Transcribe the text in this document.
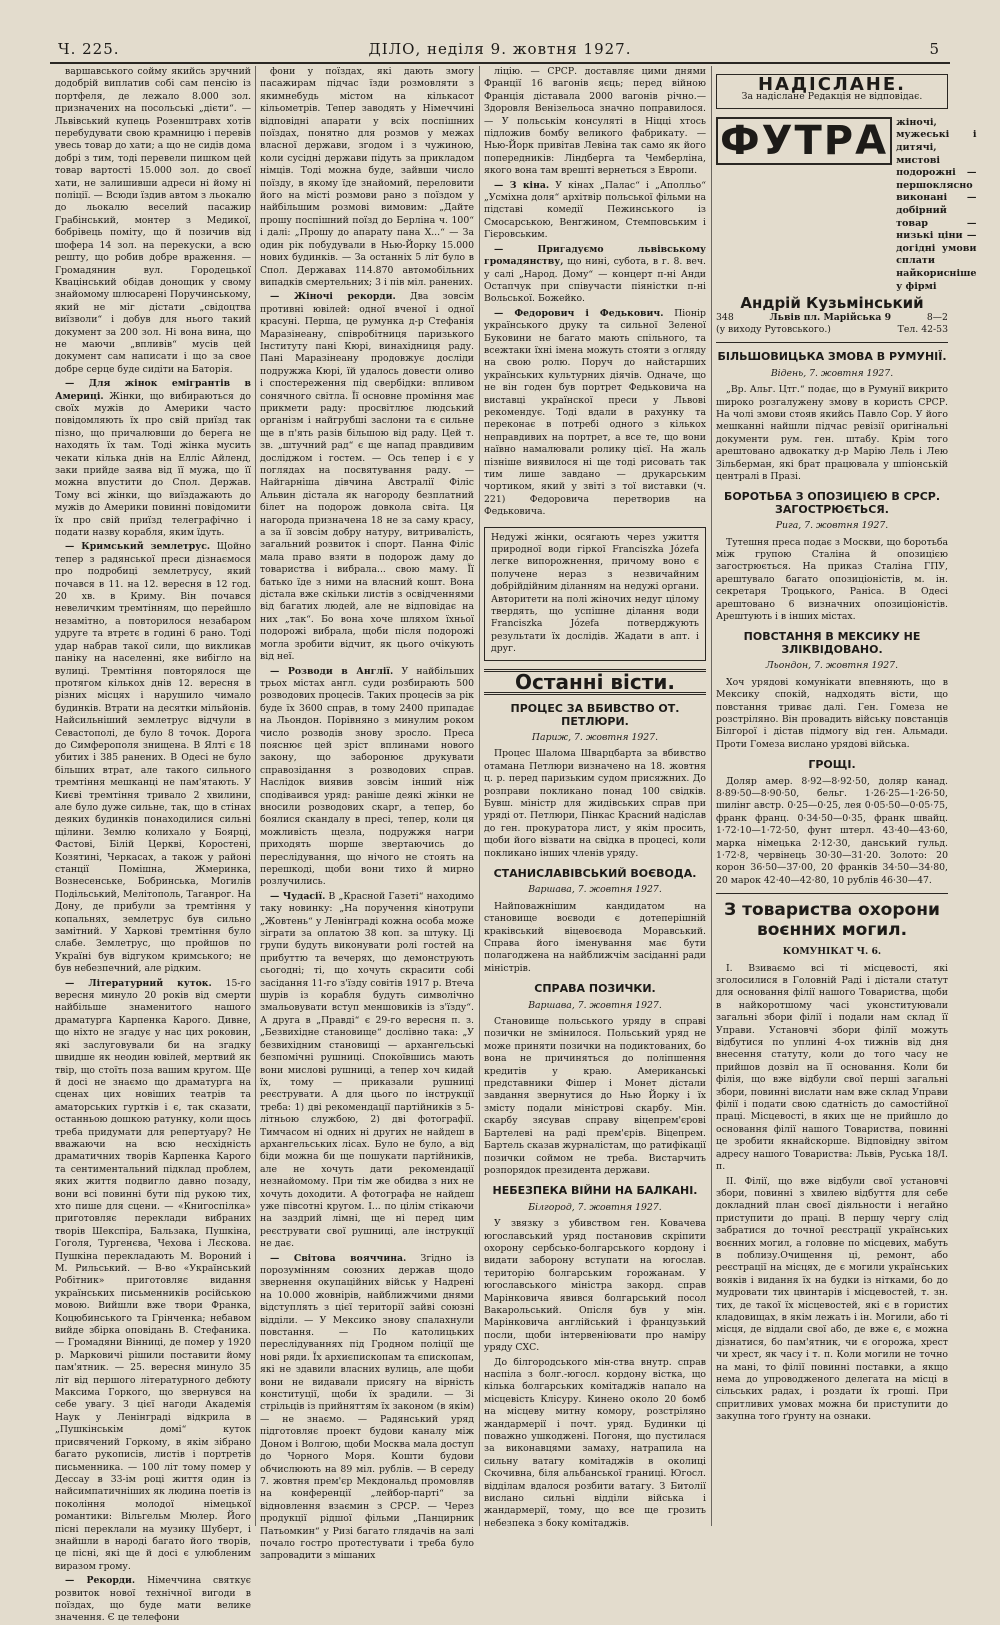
Ч. 225.	ДІЛО, неділя 9. жовтня 1927.	5

варшавського сойму якийсь зручний додобрій виплатив собі сам пенсію із портфеля, де лежало 8.000 зол. призначених на посольські „дієти“. — Львівський купець Розенштравх хотів перебудувати свою крамницю і перевів увесь товар до хати; а що не сидів дома добрі з тим, тоді перевели пишком цей товар вартості 15.000 зол. до своєї хати, не залишивши адреси ні йому ні поліції. — Всюди їздив автом з льокалю до льокалю веселий пасажир Грабінський, монтер з Медикої, бобрівець поміту, що й позичив від шофера 14 зол. на перекуски, а всю решту, що робив добре враження. — Громадянин вул. Городецької Квацінський обідав донощик у свому знайомому шлюсарені Поручинському, який не міг дістати „свідоцтва виїзволи“ і добув для нього такий документ за 200 зол. Ні вона вина, що не маючи „впливів“ мусів цей документ сам написати і що за свое добре серце буде сидіти на Баторія.

— Для жінок емігрантів в Америці. Жінки, що вибираються до своїх мужів до Америки часто повідомляють їх про свій приїзд так пізно, що причалювши до берега не находять їх там. Тоді жінка мусить чекати кілька днів на Елліс Айленд, заки прийде заява від її мужа, що її можна впустити до Спол. Держав. Тому всі жінки, що виїздажають до мужів до Америки повинні повідомити їх про свій приїзд телеграфічно і подати назву корабля, яким їдуть.

— Кримський землетрус. Щойно тепер з радянської преси дізнаємося про подробиці землетрусу, який почався в 11. на 12. вересня в 12 год. 20 хв. в Криму. Він почався невеличким тремтінням, що перейшло незамітно, а повторилося незабаром удруге та втретє в годині 6 рано. Тоді удар набрав такої сили, що викликав паніку на населенні, яке вибігло на вулиці. Тремтіння повторялося ще протягом кількох днів 12. вересня в різних місцях і нарушило чимало будинків. Втрати на десятки мільйонів. Найсильніший землетрус відчули в Севастополі, де було 8 точок. Дорога до Симферополя знищена. В Ялті є 18 убитих і 385 ранених. В Одесі не було більших втрат, але такого сильного тремтіння мешканці не пам'ятають. У Києві тремтіння тривало 2 хвилини, але було дуже сильне, так, що в стінах деяких будинків понаходилися сильні щілини. Землю колихало у Боярці, Фастові, Білій Церкві, Коростені, Козятині, Черкасах, а також у районі станції Помішна, Жмеринка, Вознесенське, Бобринська, Могилів Подільський, Мелітополь, Таганрог. На Дону, де прибули за тремтіння у копальнях, землетрус був сильно замітний. У Харкові тремтіння було слабе. Землетрус, що пройшов по Україні був відгуком кримського; не був небезпечний, але рідким.

— Літературний куток. 15-го вересня минуло 20 років від смерти найбільше знаменитого нашого драматурга Карпенка Карого. Дивне, що ніхто не згадує у нас цих роковин, які заслуговували би на згадку швидше як неодин ювілей, мертвий як твір, що стоїть поза вашим кругом. Ще й досі не знаємо що драматурга на сценах цих новіших театрів та аматорських гуртків і є, так сказати, останньою дошкою ратунку, коли щось треба придумати для репертуару? Не вважаючи на всю несхідність драматичних творів Карпенка Карого та сентиментальний підклад проблем, яких життя подвигло давно позаду, вони всі повинні бути під рукою тих, хто пише для сцени. — «Книгоспілка» приготовляє переклади вибраних творів Шекспіра, Бальзака, Пушкіна, Гоголя, Тургенєва, Чехова і Лєскова. Пушкіна перекладають М. Вороний і М. Рильський. — В-во «Український Робітник» приготовляє видання українських письменників російською мовою. Вийшли вже твори Франка, Коцюбинського та Грінченка; небавом вийде збірка оповідань В. Стефаника. — Громадяни Вінниці, де помер у 1920 р. Марковичі рішили поставити йому пам'ятник. — 25. вересня минуло 35 літ від першого літературного дебюту Максима Горкого, що звернувся на себе увагу. З цієї нагоди Академія Наук у Ленінграді відкрила в „Пушкінськім домі“ куток присвячений Горкому, в якім зібрано багато рукописів, листів і портретів письменника. — 100 літ тому помер у Дессау в 33-ім році життя один із найсимпатичніших як людина поетів із покоління молодої німецької романтики: Вільгельм Мюлер. Його пісні переклали на музику Шуберт, і знайшли в народі багато його творів, це пісні, які ще й досі є улюбленим виразом грому.

— Рекорди. Німеччина святкує розвиток нової технічної вигоди в поїздах, що буде мати велике значення. Є це телефони

фони у поїздах, які дають змогу пасажирам підчас їзди розмовляти з якимнебудь містом на кількасот кільометрів. Тепер заводять у Німеччині відповідні апарати у всіх поспішних поїздах, понятно для розмов у межах власної держави, згодом і з чужиною, коли сусідні держави підуть за прикладом німців. Тоді можна буде, зайвши число поїзду, в якому їде знайомий, переловити його на місті розмови рано з поїздом у найбільшим розмові вимовим: „Дайте прошу поспішний поїзд до Берліна ч. 100“ і далі: „Прошу до апарату пана Х...“ — За один рік побудували в Нью-Йорку 15.000 нових будинків. — За останніх 5 літ було в Спол. Державах 114.870 автомобільних випадків смертельних; 3 і пів міл. ранених.

— Жіночі рекорди. Два зовсім противні ювілей: одної вченої і одної красуні. Перша, це румунка д-р Стефанія Маразінеану, співробітниця паризького Інституту пані Кюрі, винахідниця раду. Пані Маразінеану продовжує досліди подружжа Кюрі, їй удалось довести оливо і спостереження під свербідки: впливом сонячного світла. Її основне проміння має прикмети раду: просвітлює людський організм і найгрубші заслони та є сильне ще в п'ять разів більшою від раду. Цей т. зв. „штучний рад“ є ще напад правдивим досліджом і гостем. — Ось тепер і є у поглядах на посвятування раду. — Найгарніша дівчина Австралії Філіс Альвин дістала як нагороду безплатний білет на подорож довкола світа. Ця нагорода призначена 18 не за саму красу, а за її зовсім добру натуру, витривалість, загальний розвиток і спорт. Панна Філіс мала право взяти в подорож даму до товариства і вибрала... свою маму. Її батько їде з ними на власний кошт. Вона дістала вже скільки листів з освідченнями від багатих людей, але не відповідає на них „так“. Бо вона хоче шляхом їхньої подорожі вибрала, щоби після подорожі могла зробити відчит, як цього очікують від неї.

— Розводи в Англії. У найбільших трьох містах англ. суди розбирають 500 розводових процесів. Таких процесів за рік буде їх 3600 справ, в тому 2400 припадає на Льондон. Порівняно з минулим роком число розводів знову зросло. Преса пояснює цей зріст вплинами нового закону, що заборонює друкувати справозідання з розводових справ. Наслідок виявив зовсім інший ніж сподіваився уряд: раніше деякі жінки не вносили розводових скарг, а тепер, бо боялися скандалу в пресі, тепер, коли ця можливість щезла, подружжя нагри приходять шорше звертаючись до переслідування, що нічого не стоять на перешкоді, щоби вони тихо й мирно розлучились.

— Чудасії. В „Красной Газеті“ находимо таку новинку: „На поручення кінотрупи „Жовтень“ у Ленінграді кожна особа може зіграти за оплатою 38 коп. за штуку. Ці групи будуть виконувати ролі гостей на прибуттю та вечерях, що демонструють сьогодні; ті, що хочуть скрасити собі засідання 11-го з'їзду совітів 1917 р. Втеча шурів із корабля будуть символічно змальовувати вступ меншовиків із з'їзду“. А друга в „Правді“ є 29-го вересня п. з. „Безвихідне становище“ дослівно така: „У безвихідним становищі — архангельські безпомічні рушниці. Спокоївшись мають вони мислові рушниці, а тепер хоч кидай їх, тому — приказали рушниці реєструвати. А для цього по інструкції треба: 1) дві рекомендації партійників з 5-літньою службою, 2) дві фотографії. Тимчасом ні одних ні других не найдеш в архангельських лісах. Було не було, а від біди можна би ще пошукати партійників, але не хочуть дати рекомендації незнайомому. При тім же обидва з них не хочуть доходити. А фотографа не найдеш уже півсотні кругом. І... по цілім стікаючи на заздрий лімні, ще ні перед цим реєструвати свої рушниці, але інструкції не дає.

— Світова вояччина. Згідно із порозумінням союзних держав щодо звернення окупаційних військ у Надрені на 10.000 жовнірів, найближчими днями відступлять з цієї території зайві союзні відділи. — У Мексико знову спалахнули повстання. — По католицьких переслідуваннях під Гродном поліції ще нові ряди. Їх архиєпископам та єпископам, які не здавили власних вулиць, але щоби вони не видавали присягу на вірність конституції, щоби їх зрадили. — Зі стрільців із прийняттям їх законом (в якім) — не знаємо. — Радянський уряд підготовляє проект будови каналу між Доном і Волгою, щоби Москва мала доступ до Чорного Моря. Кошти будови обчислюють на 89 міл. рублів. — В середу 7. жовтня прем'єр Мекдональд промовляв на конференції „лейбор-парті“ за відновлення взаємин з СРСР. — Через продукції рідшої фільми „Панцирник Патьомкин“ у Ризі багато глядачів на залі почало гостро протестувати і треба було запровадити з мішаних

ліцію. — СРСР. доставляє цими днями Франції 16 вагонів яєць; перед війною Франція діставала 2000 вагонів річно.— Здоровля Венізельоса значно поправилося. — У польськім консуляті в Ніцці хтось підложив бомбу великого фабрикату. — Нью-Йорк привітав Левіна так само як його попередників: Ліндберга та Чемберліна, якого вона там врешті вернеться з Европи.

— З кіна. У кінах „Палас“ і „Аполльо“ „Усміхна доля“ архітвір польської фільми на підставі комедії Пежинського із Смосарською, Венгжином, Стемповським і Гієровським.

— Пригадуємо львівському громадянству, що нині, субота, в г. 8. веч. у салі „Народ. Дому“ — концерт п-ні Анди Остапчук при співучасти піяністки п-ні Вольської. Божейко.

— Федорович і Федькович. Піонір українського друку та сильної Зеленої Буковини не багато мають спільного, та всежтаки їхні імена можуть стояти з огляду на свою ролю. Поруч до найстарших українських культурних діячів. Одначе, що не він годен був портрет Федьковича на виставці українскої преси у Львові рекомендує. Тоді вдали в рахунку та переконає в потребі одного з кількох неправдивих на портрет, а все те, що вони наївно намалювали ролику цієї. На жаль пізніше виявилося ні ще тоді рисовать так тим лише завдано — друкарським чортиком, який у звіті з тої виставки (ч. 221) Федоровича перетворив на Федьковича.

Недужі жінки, осягають через ужиття природної води гіркої Franciszka Józefa легке випорожнення, причому воно є получене нераз з незвичайним добрійдійним діланням на недужі органи. Авторитети на полі жіночих недуг цілому твердять, що успішне ділання води Franciszka Józefa потверджують результати їх дослідів. Жадати в апт. і друг.
Останні вісти.
ПРОЦЕС ЗА ВБИВСТВО ОТ. ПЕТЛЮРИ.
Париж, 7. жовтня 1927.

Процес Шалома Шварцбарта за вбивство отамана Петлюри визначено на 18. жовтня ц. р. перед паризьким судом присяжних. До розправи покликано понад 100 свідків. Бувш. міністр для жидівських справ при уряді от. Петлюри, Пінкас Красний надіслав до ген. прокуратора лист, у якім просить, щоби його візвати на свідка в процесі, коли покликано інших членів уряду.

СТАНИСЛАВІВСЬКИЙ ВОЄВОДА.
Варшава, 7. жовтня 1927.

Найповажнішим кандидатом на становище воєводи є дотеперішній краківський віцевоєвода Моравський. Справа його іменування має бути полагоджена на найближчім засіданні ради міністрів.

СПРАВА ПОЗИЧКИ.
Варшава, 7. жовтня 1927.

Становище польського уряду в справі позички не змінилося. Польський уряд не може приняти позички на подиктованих, бо вона не причиняться до поліпшення кредитів у краю. Американські представники Фішер і Монет дістали завдання звернутися до Нью Йорку і їх змісту подали міністрові скарбу. Мін. скарбу зясував справу віцепрем'єрові Бартелеві на раді прем'єрів. Віцепрем. Бартель сказав журналістам, що ратифікації позички соймом не треба. Вистарчить розпорядок президента держави.

НЕБЕЗПЕКА ВІЙНИ НА БАЛКАНІ.
Білгород, 7. жовтня 1927.

У звязку з убивством ген. Ковачева югославський уряд постановив скріпити охорону сербсько-болгарського кордону і видати заборону вступати на югослав. територію болгарським горожанам. У югославського міністра закорд. справ Марінковича явився болгарський посол Вакарольський. Опісля був у мін. Марінковича англійський і французький посли, щоби інтервеніювати про наміру уряду СХС.

До білгородського мін-ства внутр. справ наспіла з болг.-югосл. кордону вістка, що кілька болгарських комітаджів напало на місцевість Клісуру. Кинено около 20 бомб на місцеву митну комору, розстріляно жандармерії і почт. уряд. Будинки ці поважно ушкоджені. Погоня, що пустилася за виконавцями замаху, натрапила на сильну ватагу комітаджів в околиці Скочивна, біля альбанської границі. Югосл. відділам вдалося розбити ватагу. З Битолії вислано сильні відділи війська і жандармерії, тому, що все ще грозить небезпека з боку комітаджів.

НАДІСЛАНЕ.
За надіслане Редакція не відповідає.
ФУТРА жіночі, мужеські і дитячі, мистові подорожні — першоклясно виконані — добірний товар — низькі ціни — догідні умови сплати найкорисніше у фірмі
Андрій Кузьмінський
348	Львів пл. Марійська 9	8—2
(у виходу Рутовського.)	Тел. 42-53
БІЛЬШОВИЦЬКА ЗМОВА В РУМУНІЇ.
Відень, 7. жовтня 1927.

„Вр. Альг. Цтг.“ подає, що в Румунії викрито широко розгалужену змову в користь СРСР. На чолі змови стояв якийсь Павло Сор. У його мешканні найшли підчас ревізії оригінальні документи рум. ген. штабу. Крім того арештовано адвокатку д-р Марію Лель і Лею Зільберман, які брат працювала у шпіонській централі в Празі.

БОРОТЬБА З ОПОЗИЦІЄЮ В СРСР. ЗАГОСТРЮЄТЬСЯ.
Рига, 7. жовтня 1927.

Тутешня преса подає з Москви, що боротьба між групою Сталіна й опозицією загострюється. На приказ Сталіна ГПУ, арештувало багато опозиціоністів, м. ін. секретаря Троцького, Раніса. В Одесі арештовано 6 визначних опозиціоністів. Арештують і в інших містах.

ПОВСТАННЯ В МЕКСИКУ НЕ ЗЛІКВІДОВАНО.
Льондон, 7. жовтня 1927.

Хоч урядові комунікати впевняють, що в Мексику спокій, надходять вісти, що повстання триває далі. Ген. Гомеза не розстріляно. Він провадить війську повстанців Білгорої і дістав підмогу від ген. Альмади. Проти Гомеза вислано урядові війська.

ГРОЩІ.

Доляр амер. 8·92—8·92·50, доляр канад. 8·89·50—8·90·50, бельг. 1·26·25—1·26·50, шилінг австр. 0·25—0·25, лея 0·05·50—0·05·75, франк франц. 0·34·50—0·35, франк швайц. 1·72·10—1·72·50, фунт штерл. 43·40—43·60, марка німецька 2·12·30, данський гульд. 1·72·8, червінець 30·30—31·20. Золото: 20 корон 36·50—37·00, 20 франків 34·50—34·80, 20 марок 42·40—42·80, 10 рублів 46·30—47.

З товариства охорони воєнних могил.
КОМУНІКАТ Ч. 6.

І. Взиваємо всі ті місцевості, які зголосилися в Головній Раді і дістали статут для основання філії нашого Товариства, щоби в найкоротшому часі уконституювали загальні збори філії і подали нам склад її Управи. Установчі збори філії можуть відбутися по уплині 4-ох тижнів від дня внесення статуту, коли до того часу не прийшов дозвіл на її основання. Коли би філія, що вже відбули свої перші загальні збори, повинні вислати нам вже склад Управи філії і подати свою сдатність до самостійної праці. Місцевості, в яких ще не прийшло до основання філії нашого Товариства, повинні це зробити якнайскорше. Відповідну звітом адресу нашого Товариства: Львів, Руська 18/І. п.

ІІ. Філії, що вже відбули свої установчі збори, повинні з хвилею відбуття для себе докладний план своєї діяльности і негайно приступити до праці. В першу чергу слід забратися до точної реєстрації українських воєнних могил, а головне по місцевих, мабуть в поблизу.Очищення ці, ремонт, або реєстрації на місцях, де є могили українських вояків і видання їх на будки із нітками, бо до мудровати тих цвинтарів і місцевостей, т. зн. тих, де такої їх місцевостей, які є в гористих кладовищах, в якім лежать і ін. Могили, або ті місця, де віддали свої або, де вже є, є можна дізнатися, бо пам'ятник, чи є огорожа, хрест чи хрест, як часу і т. п. Коли могили не точно на мані, то філії повинні поставки, а якщо нема до упроводженого делегата на місці в сільських радах, і роздати їх гроші. При спритливих умовах можна би приступити до закупна того ґрунту на ознаки.
